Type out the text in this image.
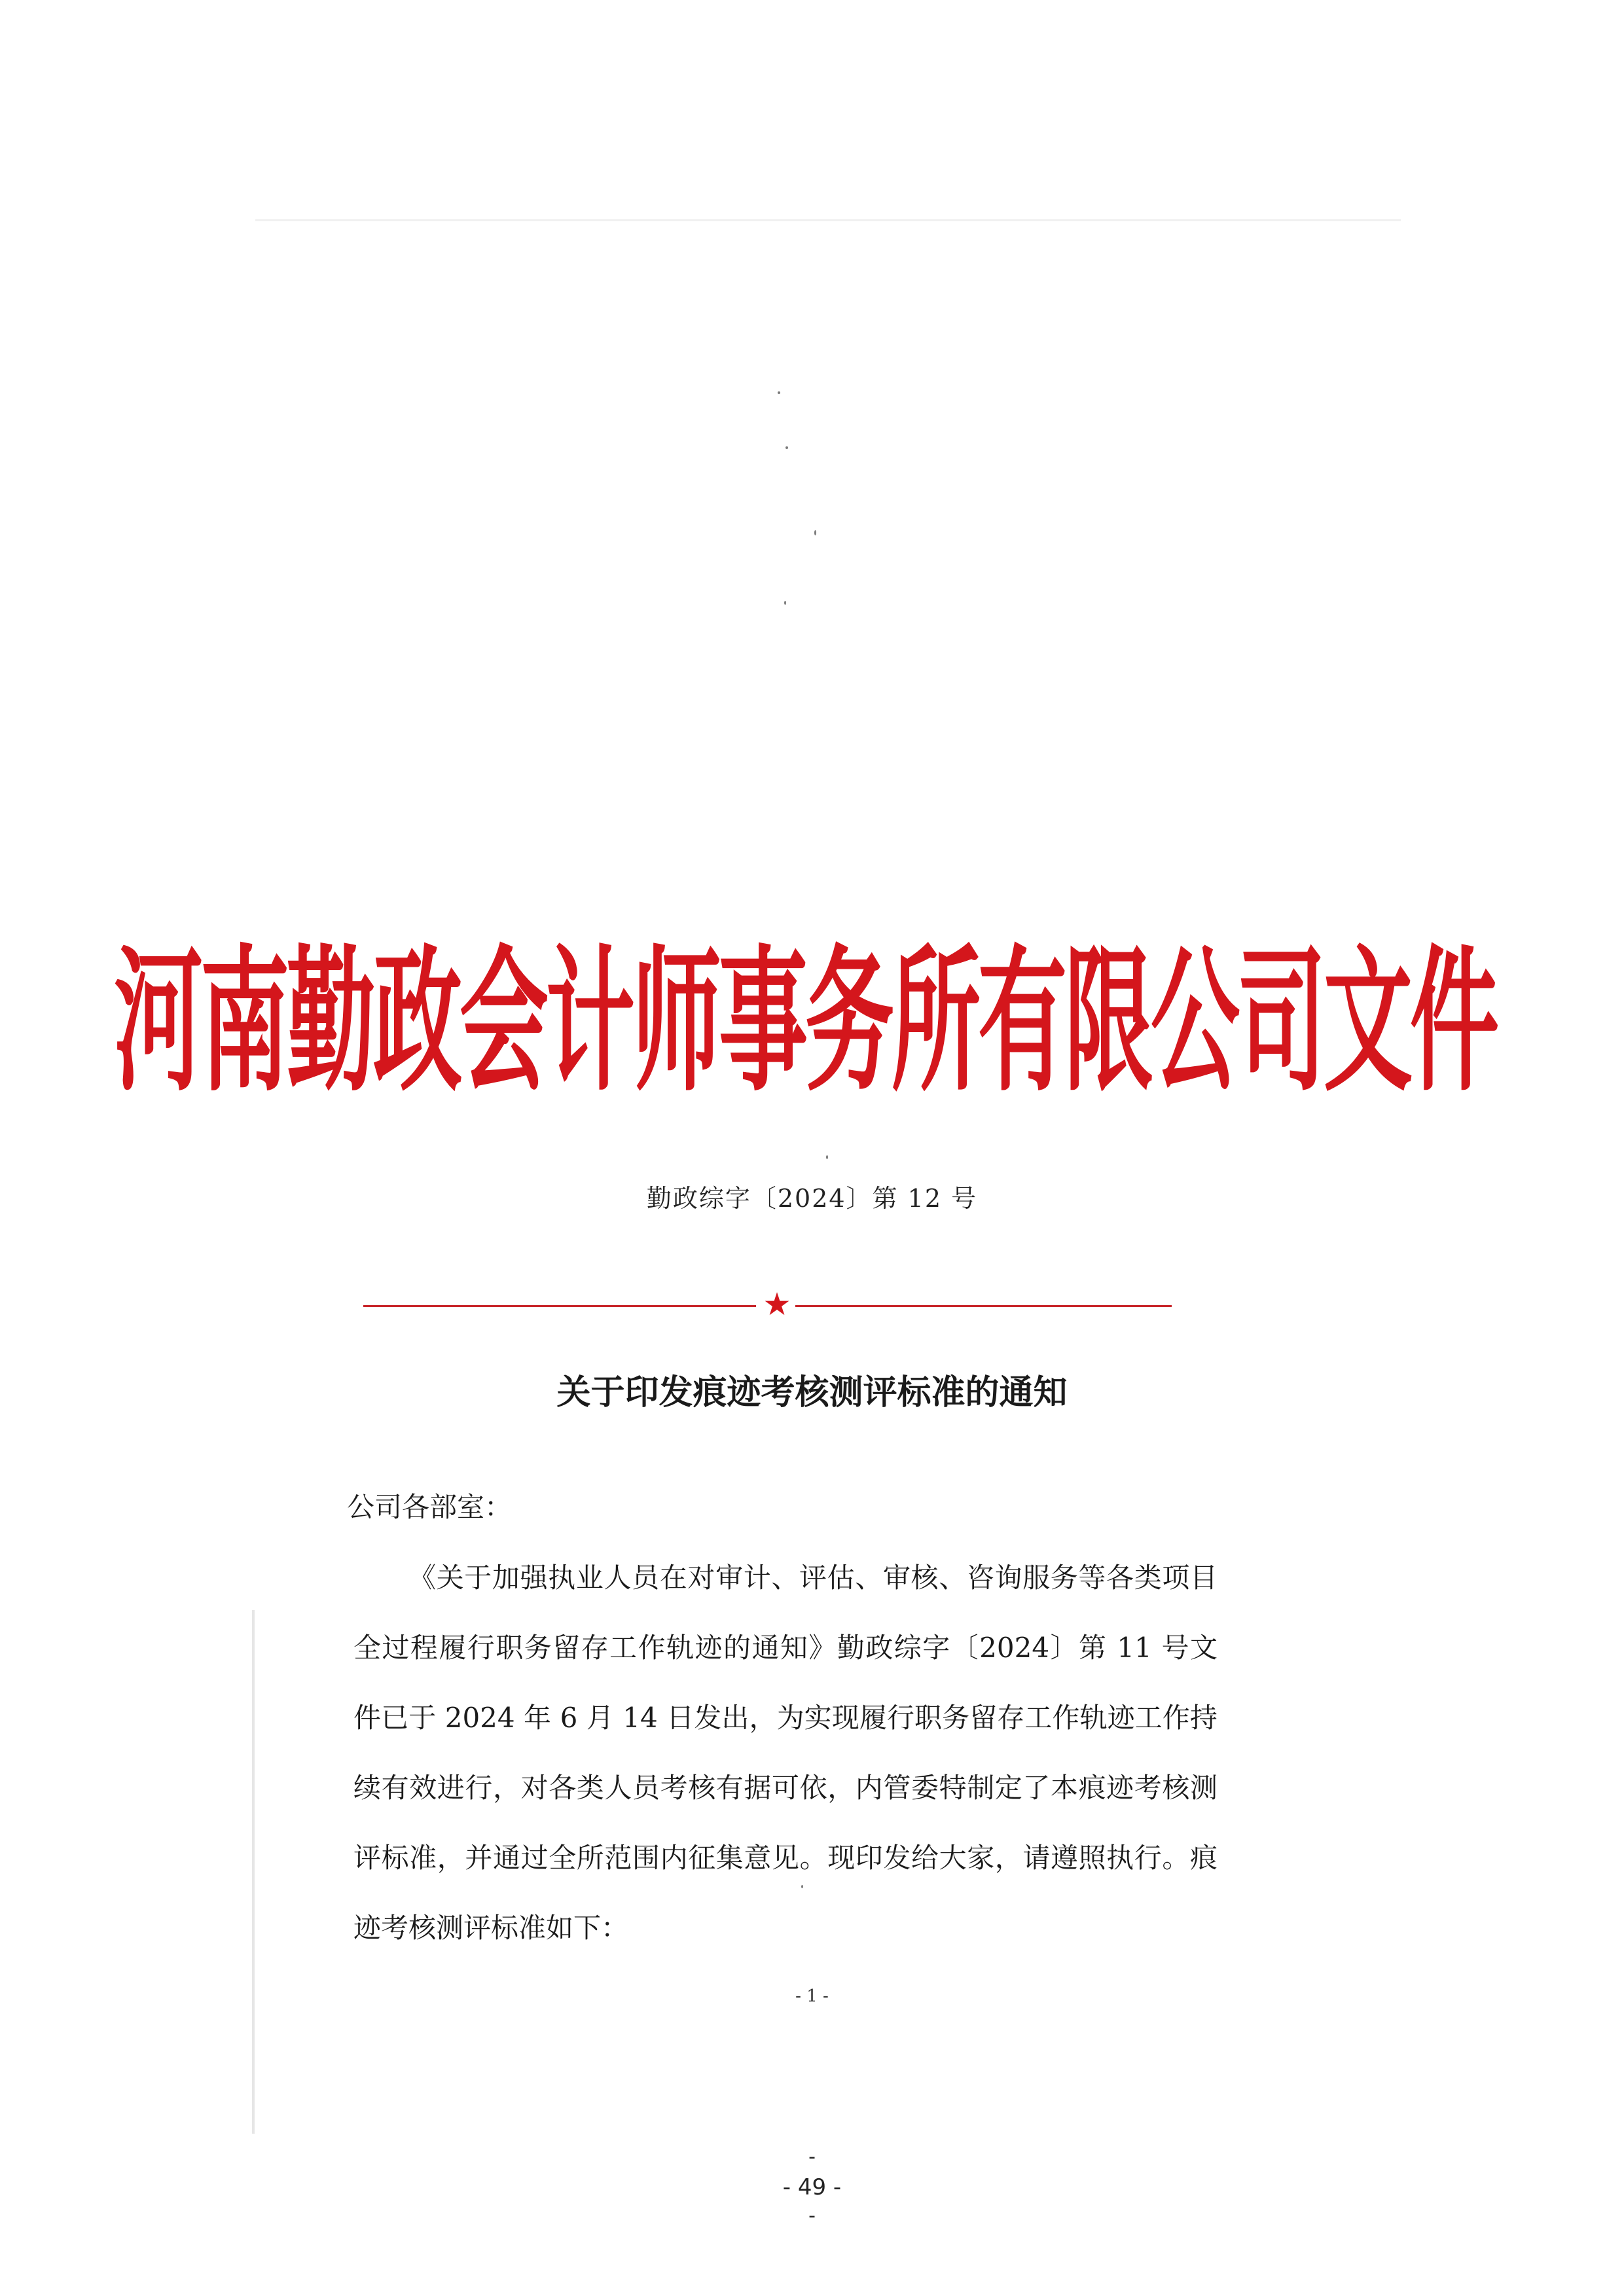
河南勤政会计师事务所有限公司文件
勤政综字〔2024〕第 12 号
★
关于印发痕迹考核测评标准的通知
公司各部室：
《关于加强执业人员在对审计、评估、审核、咨询服务等各类项目全过程履行职务留存工作轨迹的通知》勤政综字〔2024〕第 11 号文件已于 2024 年 6 月 14 日发出，为实现履行职务留存工作轨迹工作持续有效进行，对各类人员考核有据可依，内管委特制定了本痕迹考核测评标准，并通过全所范围内征集意见。现印发给大家，请遵照执行。痕迹考核测评标准如下：
- 1 -
-
- 49 -
-
